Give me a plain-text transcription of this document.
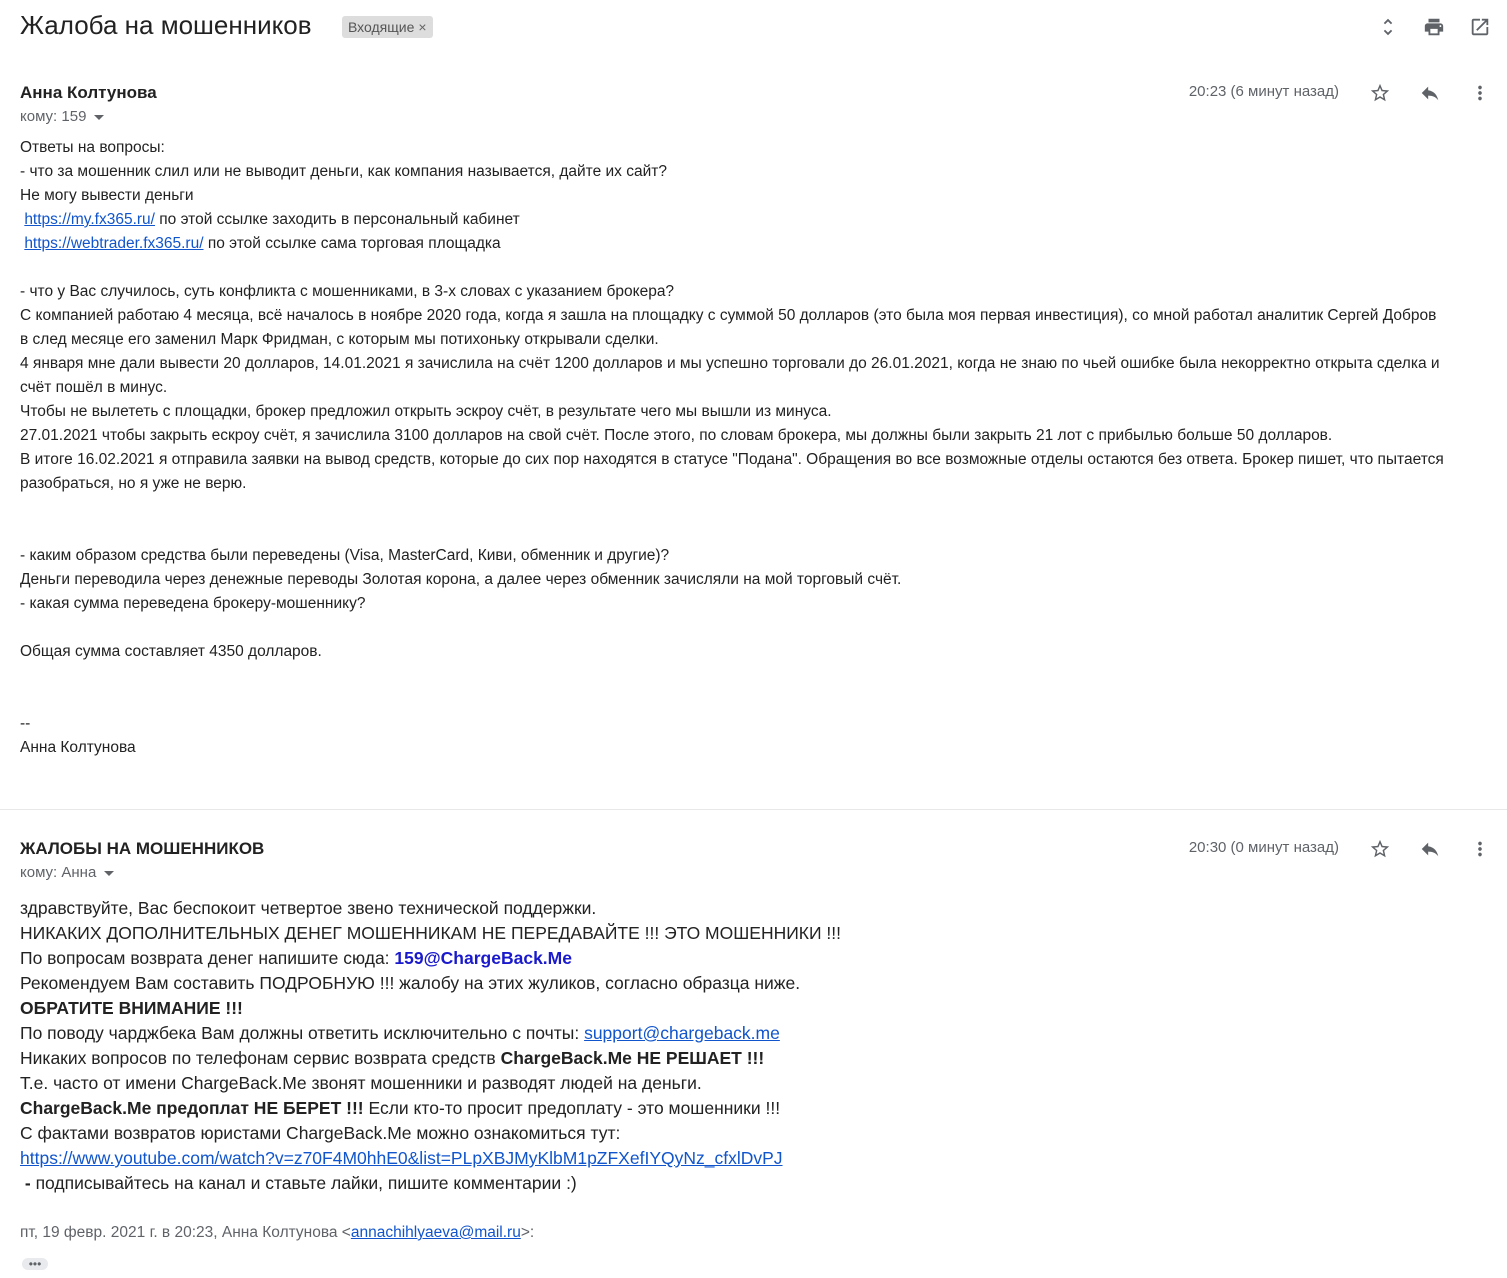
Жалоба на мошенников	Входящие ×
Анна Колтунова
кому: 159
20:23 (6 минут назад)
Ответы на вопросы:
- что за мошенник слил или не выводит деньги, как компания называется, дайте их сайт?
Не могу вывести деньги
https://my.fx365.ru/ по этой ссылке заходить в персональный кабинет
https://webtrader.fx365.ru/ по этой ссылке сама торговая площадка
- что у Вас случилось, суть конфликта с мошенниками, в 3-х словах с указанием брокера?
С компанией работаю 4 месяца, всё началось в ноябре 2020 года, когда я зашла на площадку с суммой 50 долларов (это была моя первая инвестиция), со мной работал аналитик Сергей Добров
в след месяце его заменил Марк Фридман, с которым мы потихоньку открывали сделки.
4 января мне дали вывести 20 долларов, 14.01.2021 я зачислила на счёт 1200 долларов и мы успешно торговали до 26.01.2021, когда не знаю по чьей ошибке была некорректно открыта сделка и счёт пошёл в минус.
Чтобы не вылететь с площадки, брокер предложил открыть эскроу счёт, в результате чего мы вышли из минуса.
27.01.2021 чтобы закрыть ескроу счёт, я зачислила 3100 долларов на свой счёт. После этого, по словам брокера, мы должны были закрыть 21 лот с прибылью больше 50 долларов.
В итоге 16.02.2021 я отправила заявки на вывод средств, которые до сих пор находятся в статусе "Подана". Обращения во все возможные отделы остаются без ответа. Брокер пишет, что пытается разобраться, но я уже не верю.
- каким образом средства были переведены (Visa, MasterCard, Киви, обменник и другие)?
Деньги переводила через денежные переводы Золотая корона, а далее через обменник зачисляли на мой торговый счёт.
- какая сумма переведена брокеру-мошеннику?
Общая сумма составляет 4350 долларов.
--
Анна Колтунова
ЖАЛОБЫ НА МОШЕННИКОВ
кому: Анна
20:30 (0 минут назад)
здравствуйте, Вас беспокоит четвертое звено технической поддержки.
НИКАКИХ ДОПОЛНИТЕЛЬНЫХ ДЕНЕГ МОШЕННИКАМ НЕ ПЕРЕДАВАЙТЕ !!! ЭТО МОШЕННИКИ !!!
По вопросам возврата денег напишите сюда: 159@ChargeBack.Me
Рекомендуем Вам составить ПОДРОБНУЮ !!! жалобу на этих жуликов, согласно образца ниже.
ОБРАТИТЕ ВНИМАНИЕ !!!
По поводу чарджбека Вам должны ответить исключительно с почты: support@chargeback.me
Никаких вопросов по телефонам сервис возврата средств ChargeBack.Me НЕ РЕШАЕТ !!!
Т.е. часто от имени ChargeBack.Me звонят мошенники и разводят людей на деньги.
ChargeBack.Me предоплат НЕ БЕРЕТ !!! Если кто-то просит предоплату - это мошенники !!!
С фактами возвратов юристами ChargeBack.Me можно ознакомиться тут:
https://www.youtube.com/watch?v=z70F4M0hhE0&list=PLpXBJMyKlbM1pZFXefIYQyNz_cfxlDvPJ
- подписывайтесь на канал и ставьте лайки, пишите комментарии :)
пт, 19 февр. 2021 г. в 20:23, Анна Колтунова <annachihlyaeva@mail.ru>:
•••
